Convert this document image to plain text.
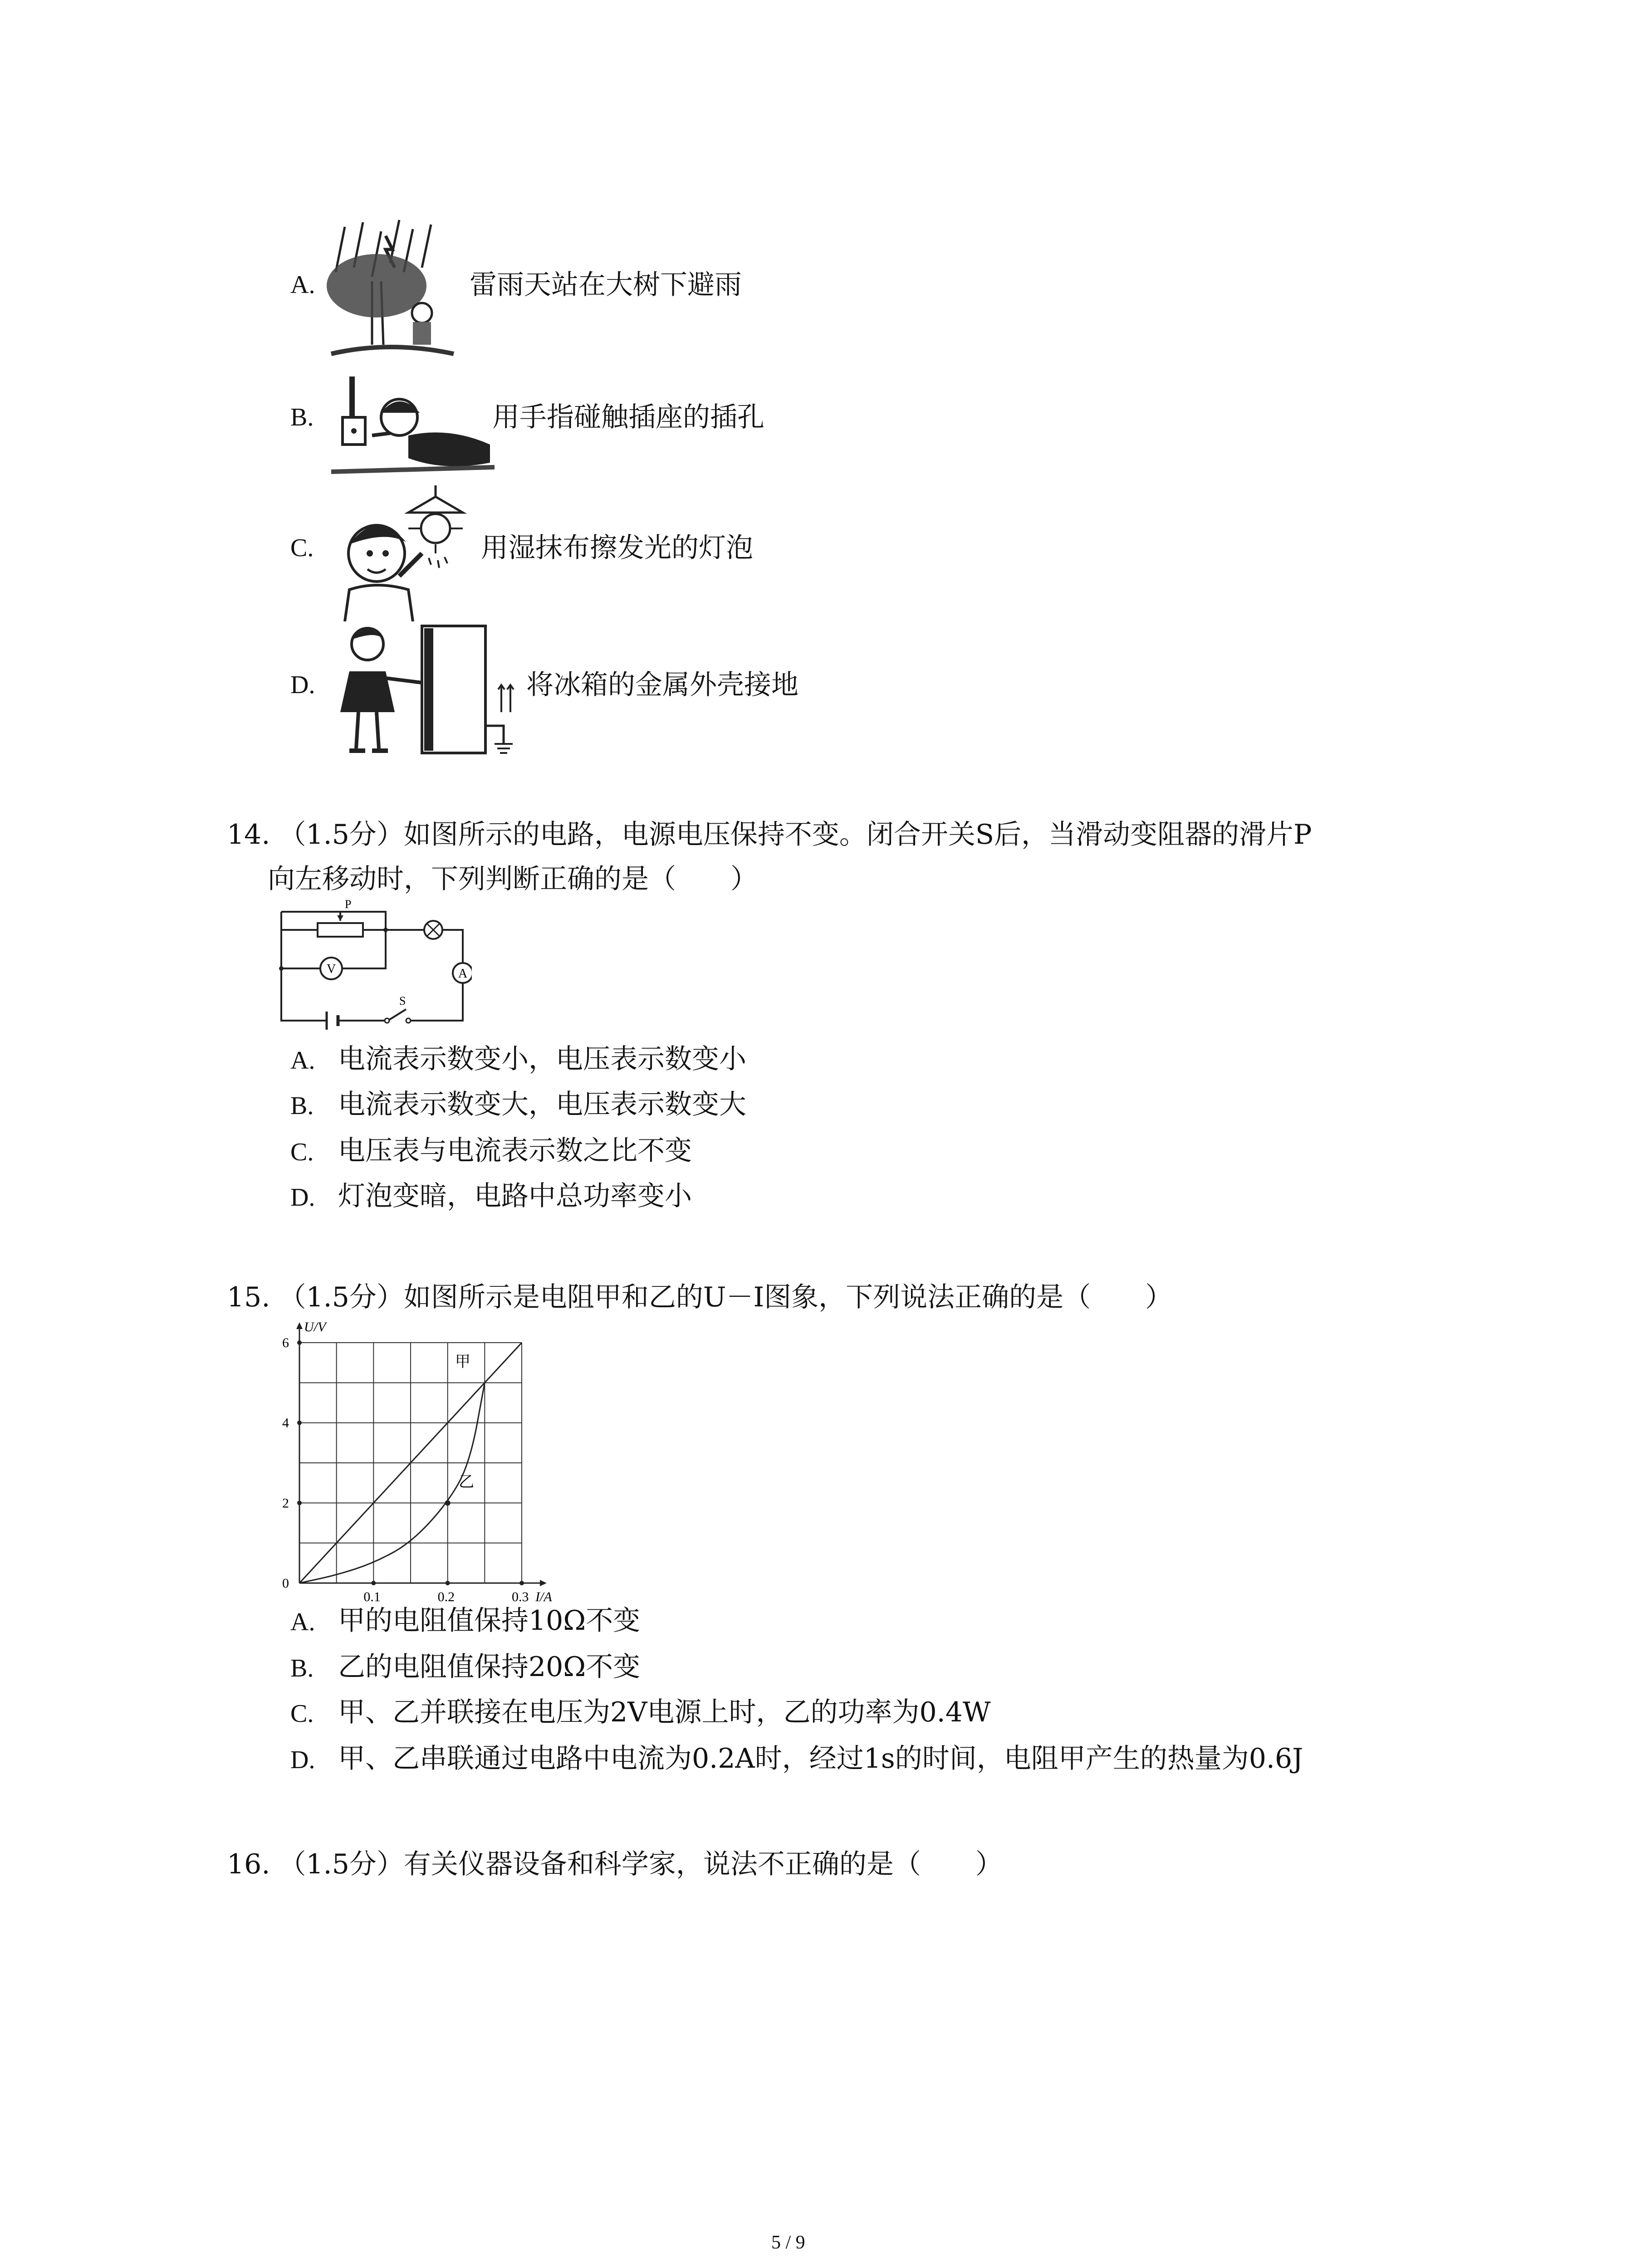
A.	雷雨天站在大树下避雨
B.	用手指碰触插座的插孔
C.	用湿抹布擦发光的灯泡
D.	将冰箱的金属外壳接地
14. （1.5分）如图所示的电路，电源电压保持不变。闭合开关S后，当滑动变阻器的滑片P
向左移动时，下列判断正确的是（　　）
P
V	A
S
A. 电流表示数变小，电压表示数变小
B. 电流表示数变大，电压表示数变大
C. 电压表与电流表示数之比不变
D. 灯泡变暗，电路中总功率变小
15. （1.5分）如图所示是电阻甲和乙的U－I图象，下列说法正确的是（　　）
0.1	0.2	0.3
0
2
4
6
I/A
U/V
甲
乙
A. 甲的电阻值保持10Ω不变
B. 乙的电阻值保持20Ω不变
C. 甲、乙并联接在电压为2V电源上时，乙的功率为0.4W
D. 甲、乙串联通过电路中电流为0.2A时，经过1s的时间，电阻甲产生的热量为0.6J
16. （1.5分）有关仪器设备和科学家，说法不正确的是（　　）
5 / 9
